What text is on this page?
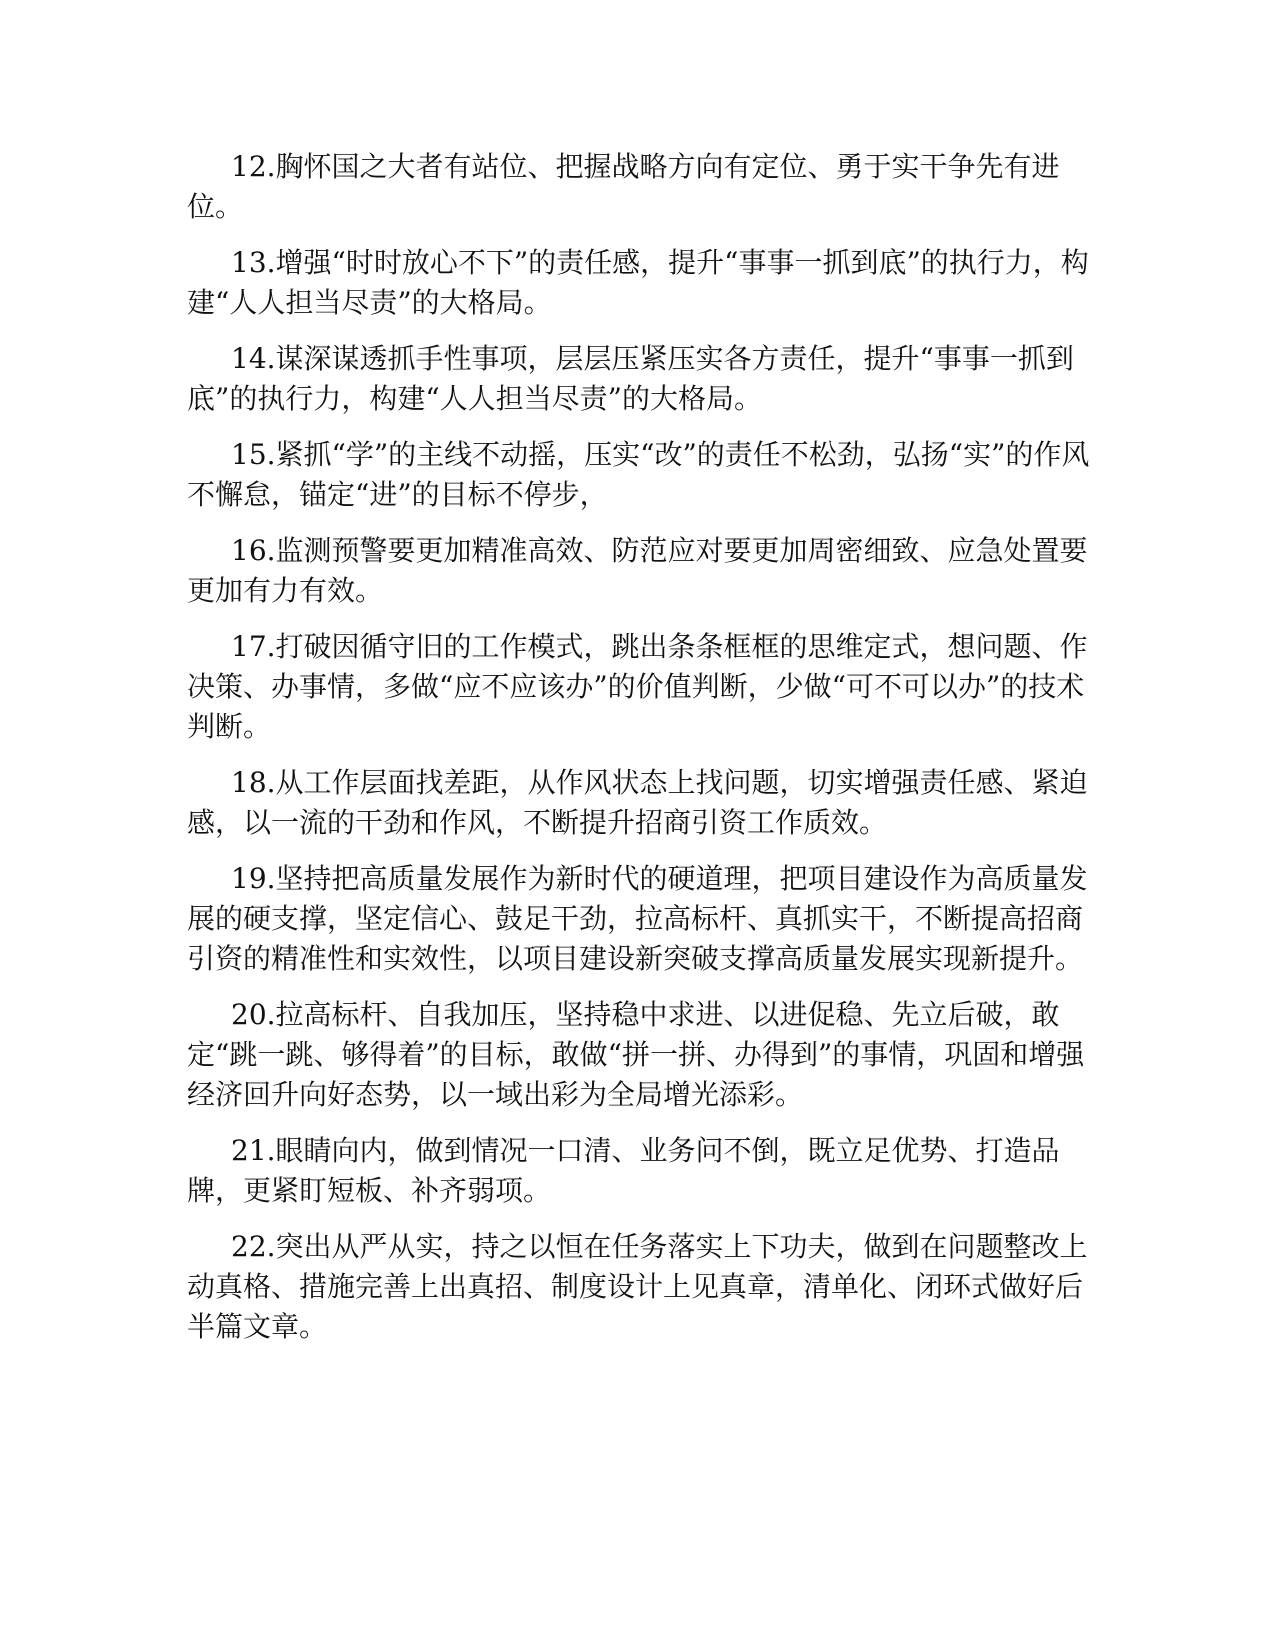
12.胸怀国之大者有站位、把握战略方向有定位、勇于实干争先有进位。

13.增强“时时放心不下”的责任感，提升“事事一抓到底”的执行力，构建“人人担当尽责”的大格局。

14.谋深谋透抓手性事项，层层压紧压实各方责任，提升“事事一抓到底”的执行力，构建“人人担当尽责”的大格局。

15.紧抓“学”的主线不动摇，压实“改”的责任不松劲，弘扬“实”的作风不懈怠，锚定“进”的目标不停步，

16.监测预警要更加精准高效、防范应对要更加周密细致、应急处置要更加有力有效。

17.打破因循守旧的工作模式，跳出条条框框的思维定式，想问题、作决策、办事情，多做“应不应该办”的价值判断，少做“可不可以办”的技术判断。

18.从工作层面找差距，从作风状态上找问题，切实增强责任感、紧迫感，以一流的干劲和作风，不断提升招商引资工作质效。

19.坚持把高质量发展作为新时代的硬道理，把项目建设作为高质量发展的硬支撑，坚定信心、鼓足干劲，拉高标杆、真抓实干，不断提高招商引资的精准性和实效性，以项目建设新突破支撑高质量发展实现新提升。

20.拉高标杆、自我加压，坚持稳中求进、以进促稳、先立后破，敢定“跳一跳、够得着”的目标，敢做“拼一拼、办得到”的事情，巩固和增强经济回升向好态势，以一域出彩为全局增光添彩。

21.眼睛向内，做到情况一口清、业务问不倒，既立足优势、打造品牌，更紧盯短板、补齐弱项。

22.突出从严从实，持之以恒在任务落实上下功夫，做到在问题整改上动真格、措施完善上出真招、制度设计上见真章，清单化、闭环式做好后半篇文章。
